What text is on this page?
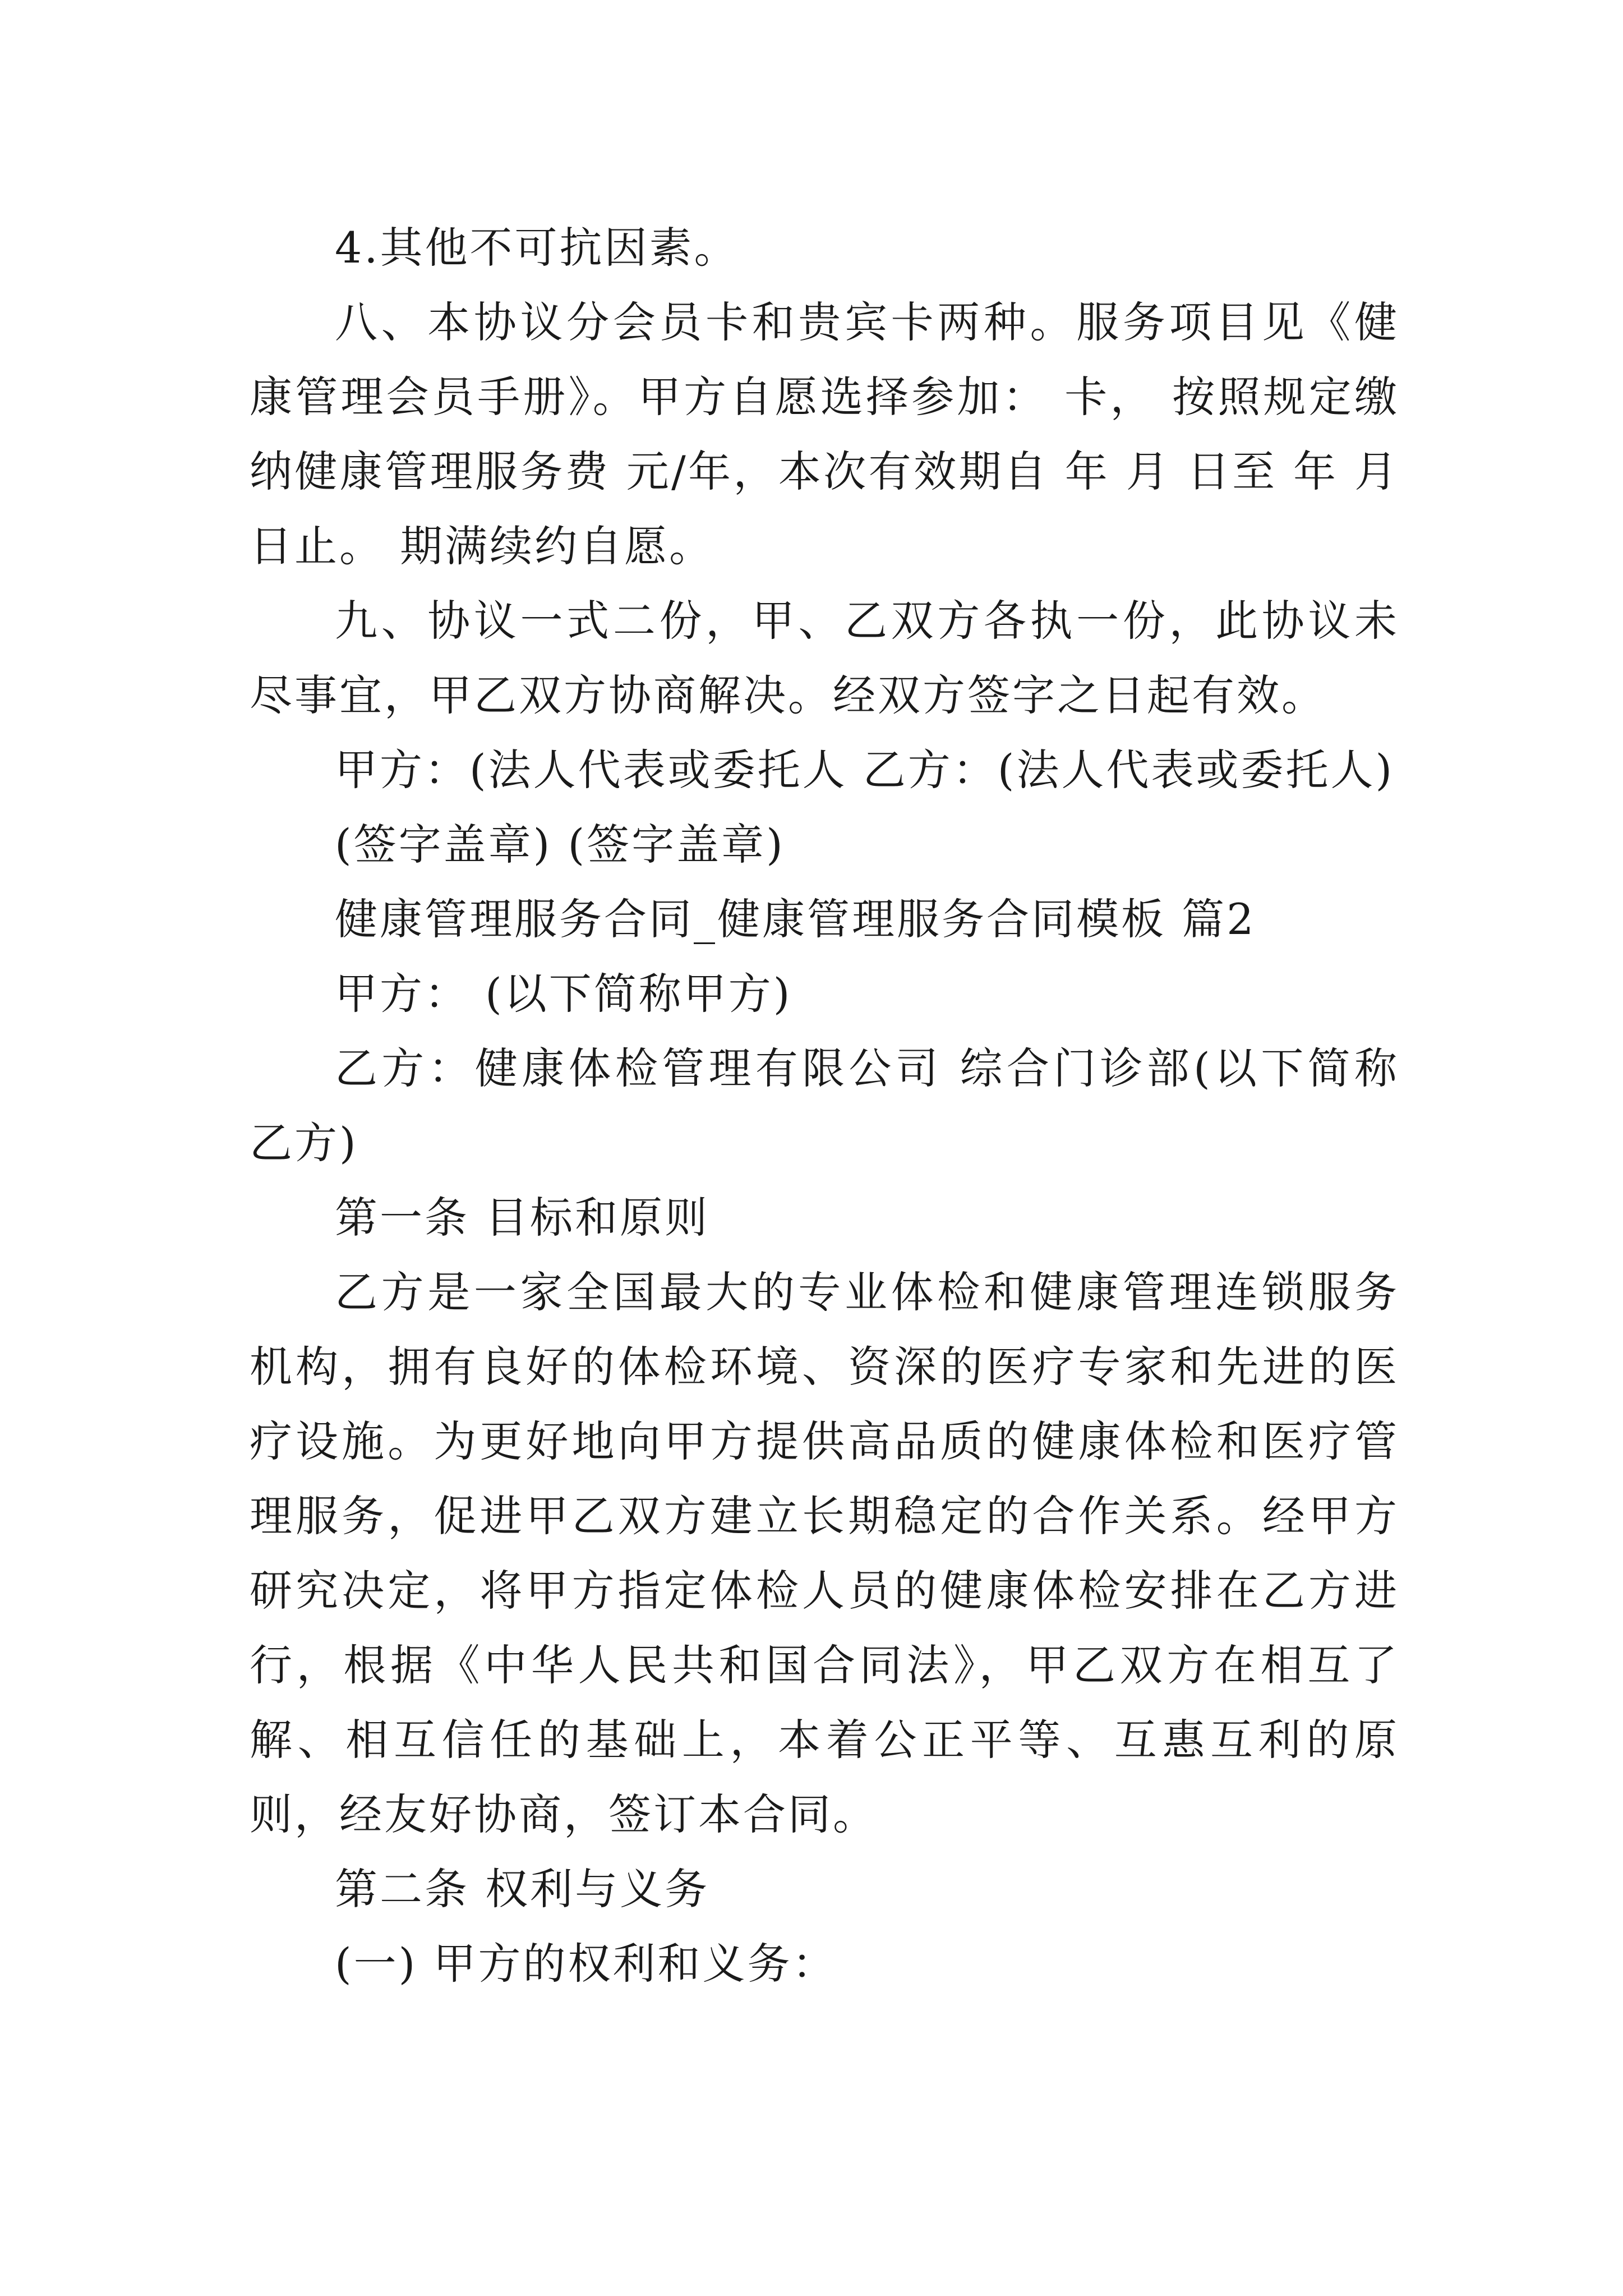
4.其他不可抗因素。

八、本协议分会员卡和贵宾卡两种。服务项目见《健康管理会员手册》。甲方自愿选择参加： 卡， 按照规定缴纳健康管理服务费 元/年，本次有效期自 年 月 日至 年 月日止。 期满续约自愿。

九、协议一式二份，甲、乙双方各执一份，此协议未尽事宜，甲乙双方协商解决。经双方签字之日起有效。

甲方：(法人代表或委托人 乙方：(法人代表或委托人)

(签字盖章) (签字盖章)

健康管理服务合同_健康管理服务合同模板 篇2

甲方： (以下简称甲方)

乙方：健康体检管理有限公司 综合门诊部(以下简称乙方)

第一条 目标和原则

乙方是一家全国最大的专业体检和健康管理连锁服务机构，拥有良好的体检环境、资深的医疗专家和先进的医疗设施。为更好地向甲方提供高品质的健康体检和医疗管理服务，促进甲乙双方建立长期稳定的合作关系。经甲方研究决定，将甲方指定体检人员的健康体检安排在乙方进行，根据《中华人民共和国合同法》，甲乙双方在相互了解、相互信任的基础上，本着公正平等、互惠互利的原则，经友好协商，签订本合同。

第二条 权利与义务

(一) 甲方的权利和义务：
